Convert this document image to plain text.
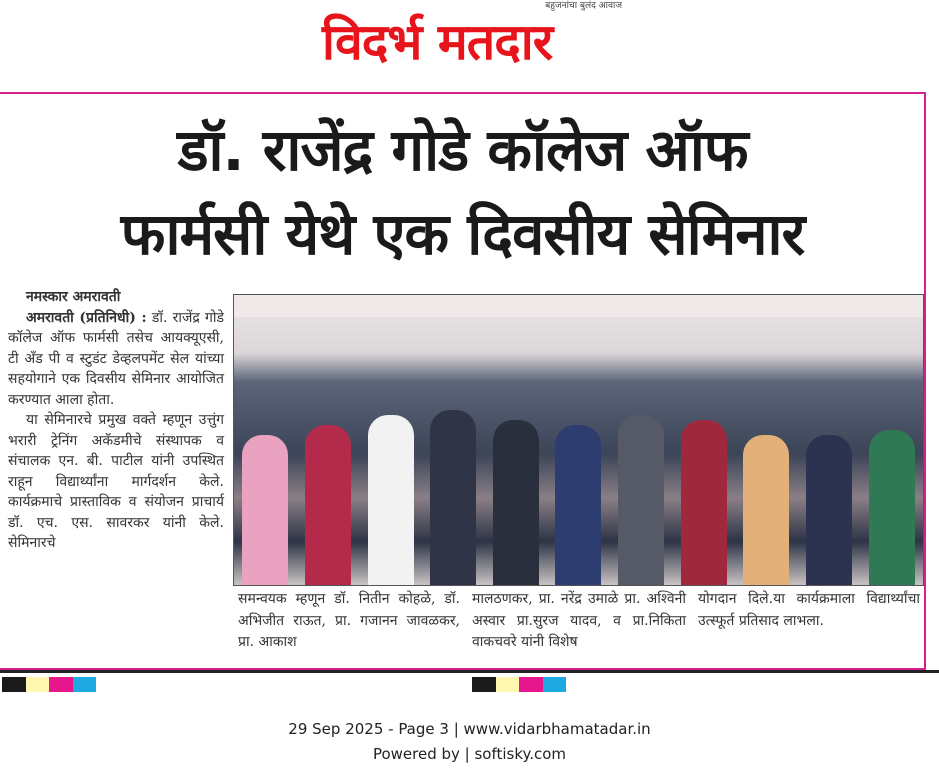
बहुजनांचा बुलंद आवाज
विदर्भ मतदार
डॉ. राजेंद्र गोडे कॉलेज ऑफ
फार्मसी येथे एक दिवसीय सेमिनार

नमस्कार अमरावती

अमरावती (प्रतिनिधी) : डॉ. राजेंद्र गोडे कॉलेज ऑफ फार्मसी तसेच आयक्यूएसी, टी अँड पी व स्टुडंट डेव्हलपमेंट सेल यांच्या सहयोगाने एक दिवसीय सेमिनार आयोजित करण्यात आला होता.

या सेमिनारचे प्रमुख वक्ते म्हणून उत्तुंग भरारी ट्रेनिंग अकॅडमीचे संस्थापक व संचालक एन. बी. पाटील यांनी उपस्थित राहून विद्यार्थ्यांना मार्गदर्शन केले. कार्यक्रमाचे प्रास्ताविक व संयोजन प्राचार्य डॉ. एच. एस. सावरकर यांनी केले. सेमिनारचे

समन्वयक म्हणून डॉ. नितीन कोहळे, डॉ. अभिजीत राऊत, प्रा. गजानन जावळकर, प्रा. आकाश
मालठणकर, प्रा. नरेंद्र उमाळे प्रा. अश्विनी अस्वार प्रा.सुरज यादव, व प्रा.निकिता वाकचवरे यांनी विशेष
योगदान दिले.या कार्यक्रमाला विद्यार्थ्यांचा उत्स्फूर्त प्रतिसाद लाभला.
29 Sep 2025 - Page 3 | www.vidarbhamatadar.in
Powered by | softisky.com
